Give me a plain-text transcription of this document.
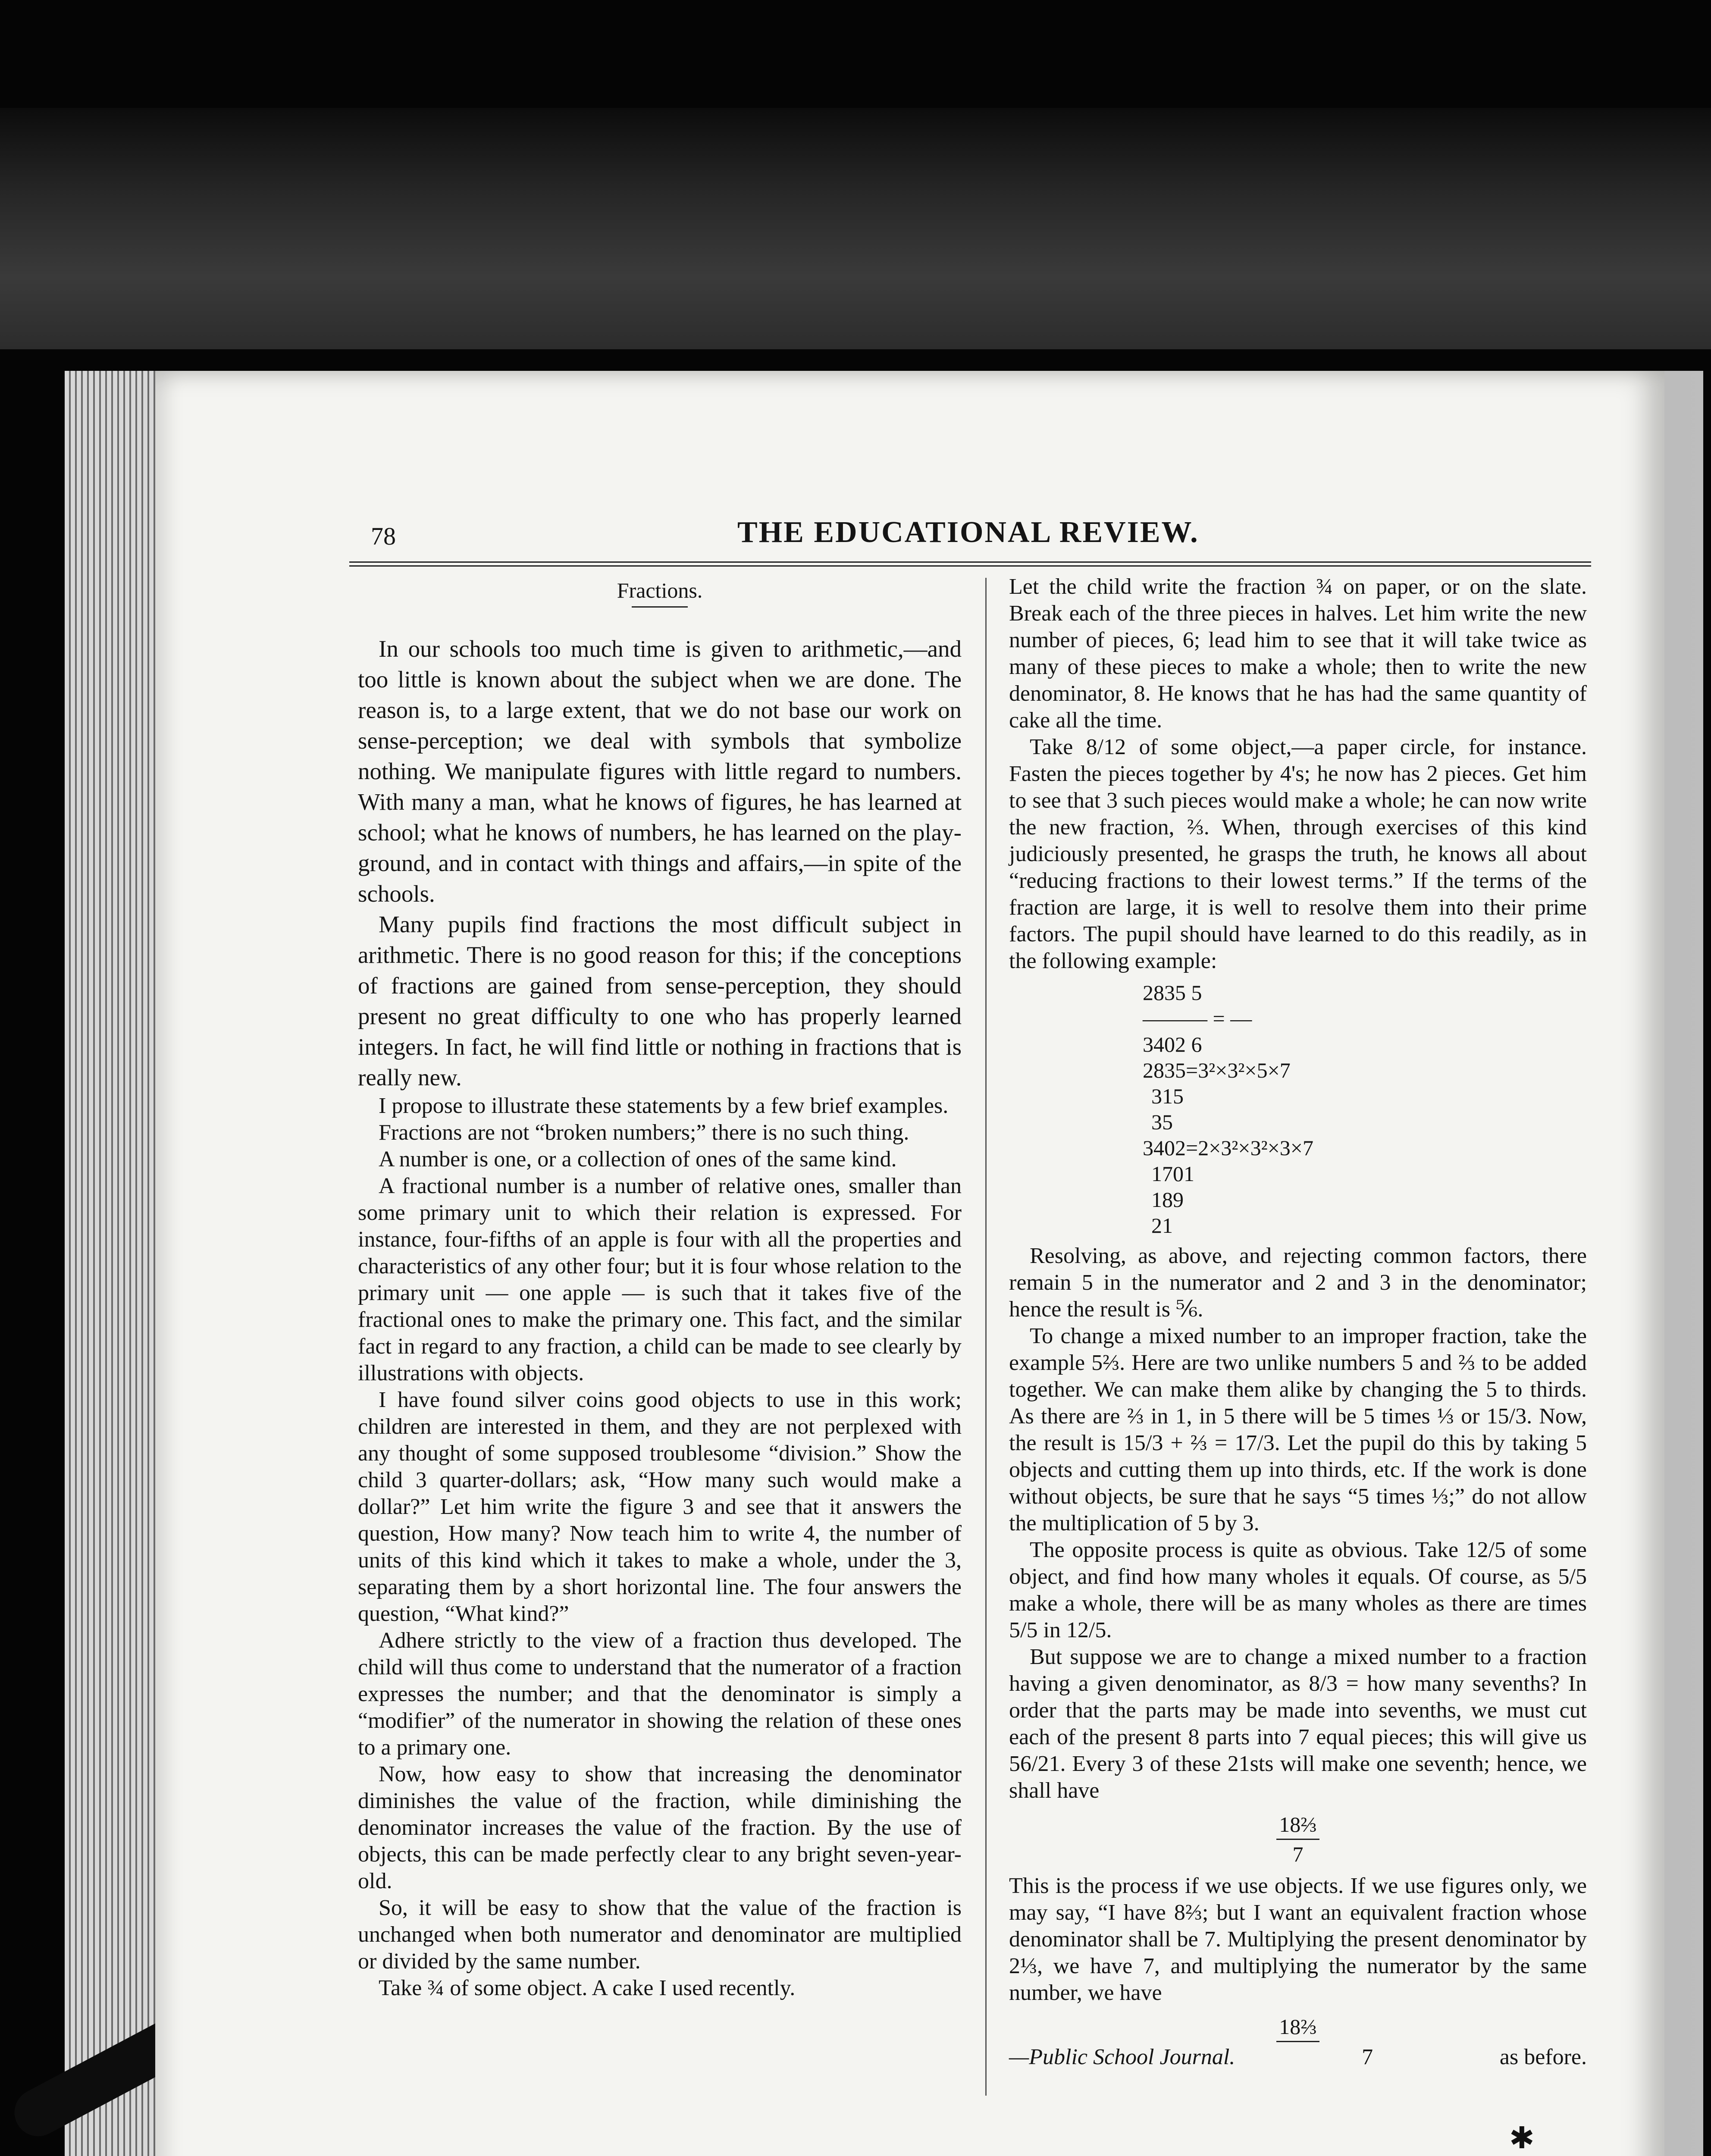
78	THE EDUCATIONAL REVIEW.
Fractions.

In our schools too much time is given to arithmetic,—and too little is known about the subject when we are done. The reason is, to a large extent, that we do not base our work on sense-perception; we deal with symbols that symbolize nothing. We manipulate figures with little regard to numbers. With many a man, what he knows of figures, he has learned at school; what he knows of numbers, he has learned on the play-ground, and in contact with things and affairs,—in spite of the schools.

Many pupils find fractions the most difficult subject in arithmetic. There is no good reason for this; if the conceptions of fractions are gained from sense-perception, they should present no great difficulty to one who has properly learned integers. In fact, he will find little or nothing in fractions that is really new.

I propose to illustrate these statements by a few brief examples.

Fractions are not “broken numbers;” there is no such thing.

A number is one, or a collection of ones of the same kind.

A fractional number is a number of relative ones, smaller than some primary unit to which their relation is expressed. For instance, four-fifths of an apple is four with all the properties and characteristics of any other four; but it is four whose relation to the primary unit — one apple — is such that it takes five of the fractional ones to make the primary one. This fact, and the similar fact in regard to any fraction, a child can be made to see clearly by illustrations with objects.

I have found silver coins good objects to use in this work; children are interested in them, and they are not perplexed with any thought of some supposed troublesome “division.” Show the child 3 quarter-dollars; ask, “How many such would make a dollar?” Let him write the figure 3 and see that it answers the question, How many? Now teach him to write 4, the number of units of this kind which it takes to make a whole, under the 3, separating them by a short horizontal line. The four answers the question, “What kind?”

Adhere strictly to the view of a fraction thus developed. The child will thus come to understand that the numerator of a fraction expresses the number; and that the denominator is simply a “modifier” of the numerator in showing the relation of these ones to a primary one.

Now, how easy to show that increasing the denominator diminishes the value of the fraction, while diminishing the denominator increases the value of the fraction. By the use of objects, this can be made perfectly clear to any bright seven-year-old.

So, it will be easy to show that the value of the fraction is unchanged when both numerator and denominator are multiplied or divided by the same number.

Take ¾ of some object. A cake I used recently.

Let the child write the fraction ¾ on paper, or on the slate. Break each of the three pieces in halves. Let him write the new number of pieces, 6; lead him to see that it will take twice as many of these pieces to make a whole; then to write the new denominator, 8. He knows that he has had the same quantity of cake all the time.

Take 8/12 of some object,—a paper circle, for instance. Fasten the pieces together by 4's; he now has 2 pieces. Get him to see that 3 such pieces would make a whole; he can now write the new fraction, ⅔. When, through exercises of this kind judiciously presented, he grasps the truth, he knows all about “reducing fractions to their lowest terms.” If the terms of the fraction are large, it is well to resolve them into their prime factors. The pupil should have learned to do this readily, as in the following example:

2835 5
——— = —
3402 6
2835=3²×3²×5×7
315
35
3402=2×3²×3²×3×7
1701
189
21

Resolving, as above, and rejecting common factors, there remain 5 in the numerator and 2 and 3 in the denominator; hence the result is ⅚.

To change a mixed number to an improper fraction, take the example 5⅔. Here are two unlike numbers 5 and ⅔ to be added together. We can make them alike by changing the 5 to thirds. As there are ⅔ in 1, in 5 there will be 5 times ⅓ or 15/3. Now, the result is 15/3 + ⅔ = 17/3. Let the pupil do this by taking 5 objects and cutting them up into thirds, etc. If the work is done without objects, be sure that he says “5 times ⅓;” do not allow the multiplication of 5 by 3.

The opposite process is quite as obvious. Take 12/5 of some object, and find how many wholes it equals. Of course, as 5/5 make a whole, there will be as many wholes as there are times 5/5 in 12/5.

But suppose we are to change a mixed number to a fraction having a given denominator, as 8/3 = how many sevenths? In order that the parts may be made into sevenths, we must cut each of the present 8 parts into 7 equal pieces; this will give us 56/21. Every 3 of these 21sts will make one seventh; hence, we shall have

18⅔
7

This is the process if we use objects. If we use figures only, we may say, “I have 8⅔; but I want an equivalent fraction whose denominator shall be 7. Multiplying the present denominator by 2⅓, we have 7, and multiplying the numerator by the same number, we have

18⅔
—Public School Journal.	7	as before.
✱
